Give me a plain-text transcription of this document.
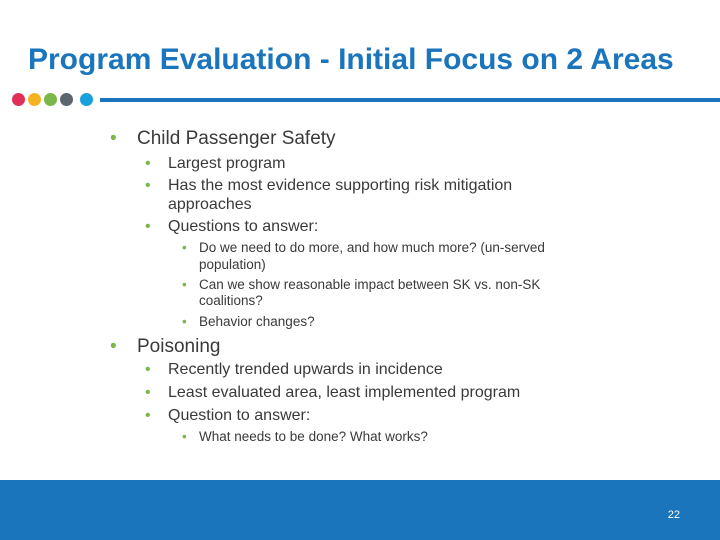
Program Evaluation - Initial Focus on 2 Areas
• Child Passenger Safety
• Largest program
• Has the most evidence supporting risk mitigation
approaches
• Questions to answer:
• Do we need to do more, and how much more? (un-served
population)
• Can we show reasonable impact between SK vs. non-SK
coalitions?
• Behavior changes?
• Poisoning
• Recently trended upwards in incidence
• Least evaluated area, least implemented program
• Question to answer:
• What needs to be done? What works?
22
